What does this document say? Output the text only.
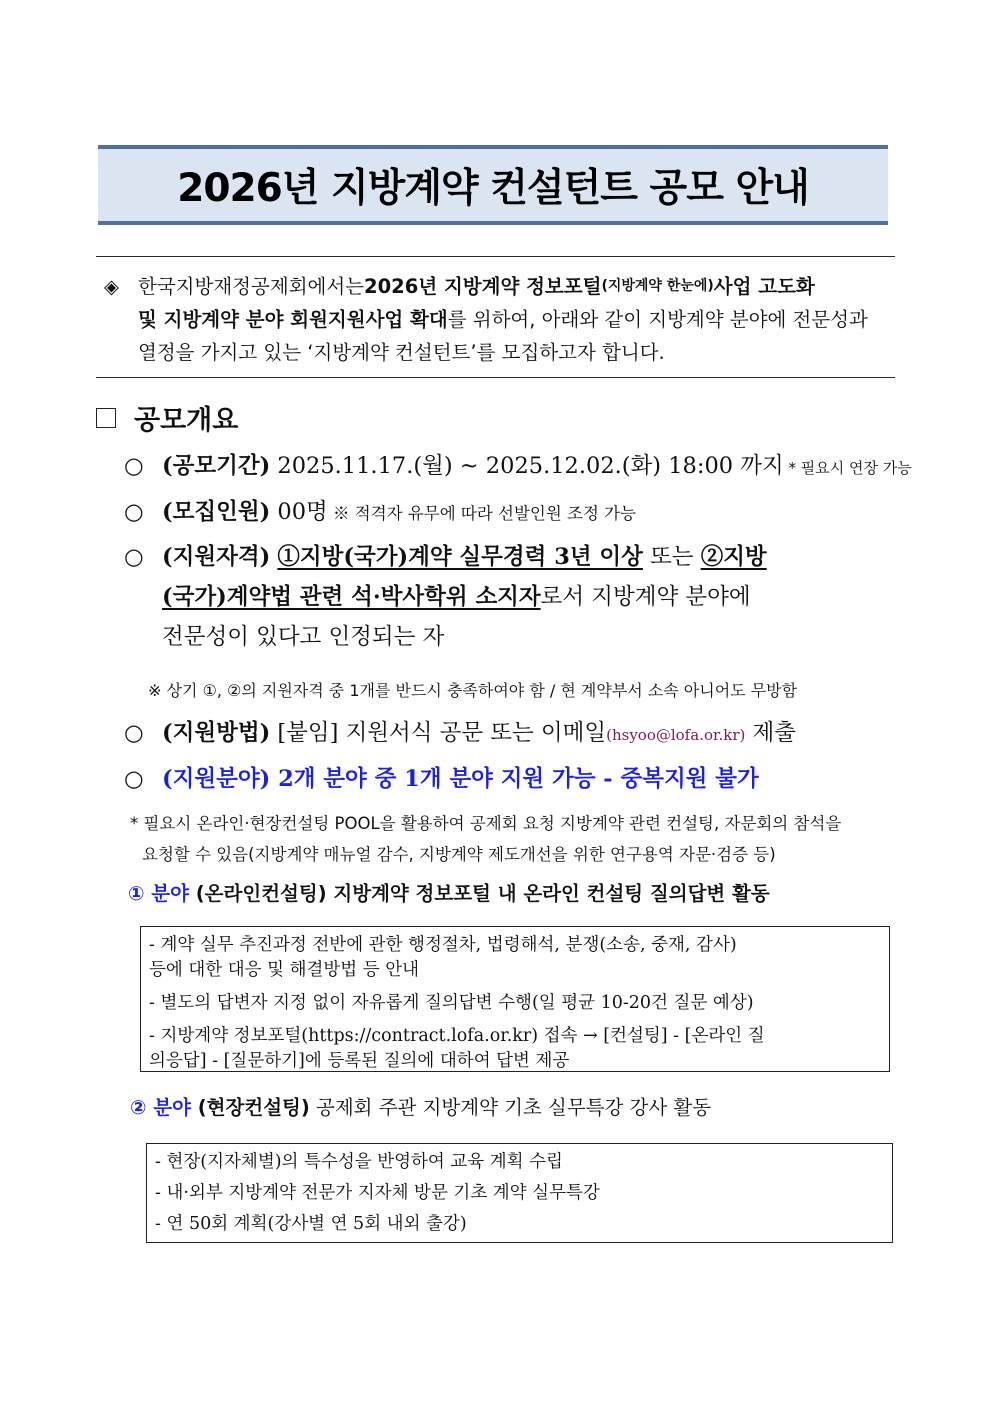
2026년 지방계약 컨설턴트 공모 안내
◈ 한국지방재정공제회에서는 2026년 지방계약 정보포털 (지방계약 한눈에) 사업 고도화
및 지방계약 분야 회원지원사업 확대 를 위하여, 아래와 같이 지방계약 분야에 전문성과
열정을 가지고 있는 ‘지방계약 컨설턴트’를 모집하고자 합니다.
공모개요
○ (공모기간) 2025.11.17.(월) ~ 2025.12.02.(화) 18:00 까지 * 필요시 연장 가능
○ (모집인원) 00명 ※ 적격자 유무에 따라 선발인원 조정 가능
○ (지원자격) ①지방(국가)계약 실무경력 3년 이상 또는 ②지방
(국가)계약법 관련 석·박사학위 소지자로서 지방계약 분야에
전문성이 있다고 인정되는 자
※ 상기 ①, ②의 지원자격 중 1개를 반드시 충족하여야 함 / 현 계약부서 소속 아니어도 무방함
○ (지원방법) [붙임] 지원서식 공문 또는 이메일(hsyoo@lofa.or.kr) 제출
○ (지원분야) 2개 분야 중 1개 분야 지원 가능 - 중복지원 불가
* 필요시 온라인·현장컨설팅 POOL을 활용하여 공제회 요청 지방계약 관련 컨설팅, 자문회의 참석을
요청할 수 있음(지방계약 매뉴얼 감수, 지방계약 제도개선을 위한 연구용역 자문·검증 등)
① 분야 (온라인컨설팅) 지방계약 정보포털 내 온라인 컨설팅 질의답변 활동
- 계약 실무 추진과정 전반에 관한 행정절차, 법령해석, 분쟁(소송, 중재, 감사)
등에 대한 대응 및 해결방법 등 안내
- 별도의 답변자 지정 없이 자유롭게 질의답변 수행(일 평균 10-20건 질문 예상)
- 지방계약 정보포털(https://contract.lofa.or.kr) 접속 → [컨설팅] - [온라인 질
의응답] - [질문하기]에 등록된 질의에 대하여 답변 제공
② 분야 (현장컨설팅) 공제회 주관 지방계약 기초 실무특강 강사 활동
- 현장(지자체별)의 특수성을 반영하여 교육 계획 수립
- 내·외부 지방계약 전문가 지자체 방문 기초 계약 실무특강
- 연 50회 계획(강사별 연 5회 내외 출강)
